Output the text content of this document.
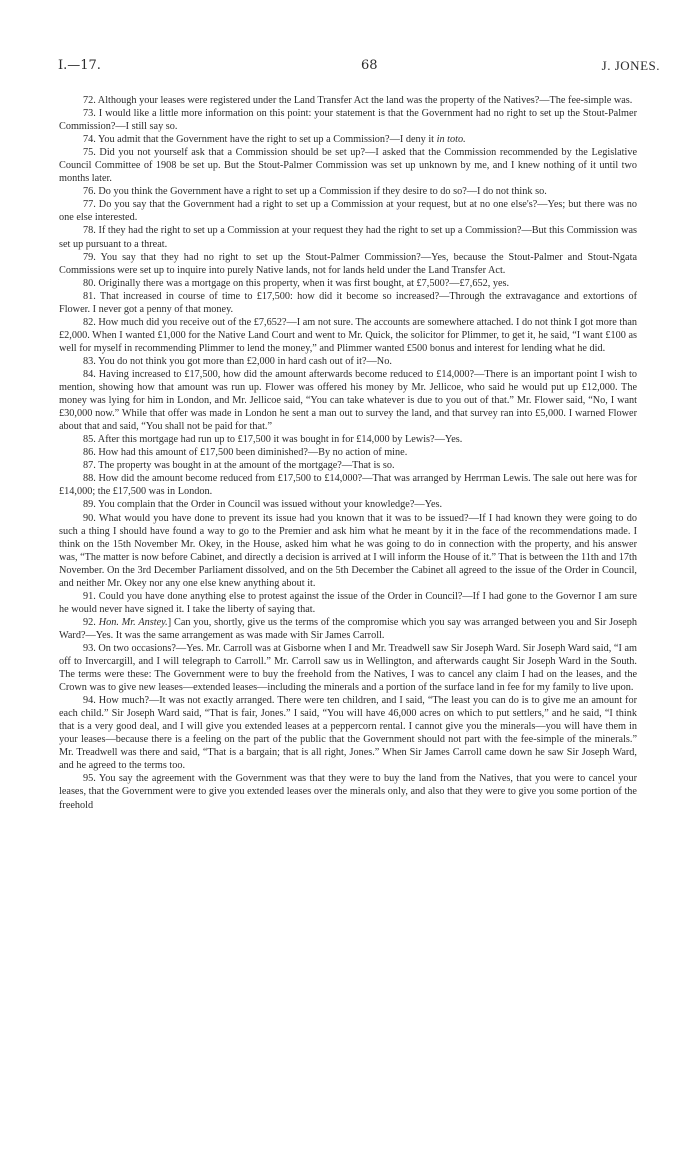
I.—17.	68	J. JONES.

72. Although your leases were registered under the Land Transfer Act the land was the property of the Natives?—The fee-simple was.

73. I would like a little more information on this point: your statement is that the Government had no right to set up the Stout-Palmer Commission?—I still say so.

74. You admit that the Government have the right to set up a Commission?—I deny it in toto.

75. Did you not yourself ask that a Commission should be set up?—I asked that the Commission recommended by the Legislative Council Committee of 1908 be set up. But the Stout-Palmer Commission was set up unknown by me, and I knew nothing of it until two months later.

76. Do you think the Government have a right to set up a Commission if they desire to do so?—I do not think so.

77. Do you say that the Government had a right to set up a Commission at your request, but at no one else's?—Yes; but there was no one else interested.

78. If they had the right to set up a Commission at your request they had the right to set up a Commission?—But this Commission was set up pursuant to a threat.

79. You say that they had no right to set up the Stout-Palmer Commission?—Yes, because the Stout-Palmer and Stout-Ngata Commissions were set up to inquire into purely Native lands, not for lands held under the Land Transfer Act.

80. Originally there was a mortgage on this property, when it was first bought, at £7,500?—£7,652, yes.

81. That increased in course of time to £17,500: how did it become so increased?—Through the extravagance and extortions of Flower. I never got a penny of that money.

82. How much did you receive out of the £7,652?—I am not sure. The accounts are somewhere attached. I do not think I got more than £2,000. When I wanted £1,000 for the Native Land Court and went to Mr. Quick, the solicitor for Plimmer, to get it, he said, “I want £100 as well for myself in recommending Plimmer to lend the money,” and Plimmer wanted £500 bonus and interest for lending what he did.

83. You do not think you got more than £2,000 in hard cash out of it?—No.

84. Having increased to £17,500, how did the amount afterwards become reduced to £14,000?—There is an important point I wish to mention, showing how that amount was run up. Flower was offered his money by Mr. Jellicoe, who said he would put up £12,000. The money was lying for him in London, and Mr. Jellicoe said, “You can take whatever is due to you out of that.” Mr. Flower said, “No, I want £30,000 now.” While that offer was made in London he sent a man out to survey the land, and that survey ran into £5,000. I warned Flower about that and said, “You shall not be paid for that.”

85. After this mortgage had run up to £17,500 it was bought in for £14,000 by Lewis?—Yes.

86. How had this amount of £17,500 been diminished?—By no action of mine.

87. The property was bought in at the amount of the mortgage?—That is so.

88. How did the amount become reduced from £17,500 to £14,000?—That was arranged by Herrman Lewis. The sale out here was for £14,000; the £17,500 was in London.

89. You complain that the Order in Council was issued without your knowledge?—Yes.

90. What would you have done to prevent its issue had you known that it was to be issued?—If I had known they were going to do such a thing I should have found a way to go to the Premier and ask him what he meant by it in the face of the recommendations made. I think on the 15th November Mr. Okey, in the House, asked him what he was going to do in connection with the property, and his answer was, “The matter is now before Cabinet, and directly a decision is arrived at I will inform the House of it.” That is between the 11th and 17th November. On the 3rd December Parliament dissolved, and on the 5th December the Cabinet all agreed to the issue of the Order in Council, and neither Mr. Okey nor any one else knew anything about it.

91. Could you have done anything else to protest against the issue of the Order in Council?—If I had gone to the Governor I am sure he would never have signed it. I take the liberty of saying that.

92. Hon. Mr. Anstey.] Can you, shortly, give us the terms of the compromise which you say was arranged between you and Sir Joseph Ward?—Yes. It was the same arrangement as was made with Sir James Carroll.

93. On two occasions?—Yes. Mr. Carroll was at Gisborne when I and Mr. Treadwell saw Sir Joseph Ward. Sir Joseph Ward said, “I am off to Invercargill, and I will telegraph to Carroll.” Mr. Carroll saw us in Wellington, and afterwards caught Sir Joseph Ward in the South. The terms were these: The Government were to buy the freehold from the Natives, I was to cancel any claim I had on the leases, and the Crown was to give new leases—extended leases—including the minerals and a portion of the surface land in fee for my family to live upon.

94. How much?—It was not exactly arranged. There were ten children, and I said, “The least you can do is to give me an amount for each child.” Sir Joseph Ward said, “That is fair, Jones.” I said, “You will have 46,000 acres on which to put settlers,” and he said, “I think that is a very good deal, and I will give you extended leases at a peppercorn rental. I cannot give you the minerals—you will have them in your leases—because there is a feeling on the part of the public that the Government should not part with the fee-simple of the minerals.” Mr. Treadwell was there and said, “That is a bargain; that is all right, Jones.” When Sir James Carroll came down he saw Sir Joseph Ward, and he agreed to the terms too.

95. You say the agreement with the Government was that they were to buy the land from the Natives, that you were to cancel your leases, that the Government were to give you extended leases over the minerals only, and also that they were to give you some portion of the freehold
